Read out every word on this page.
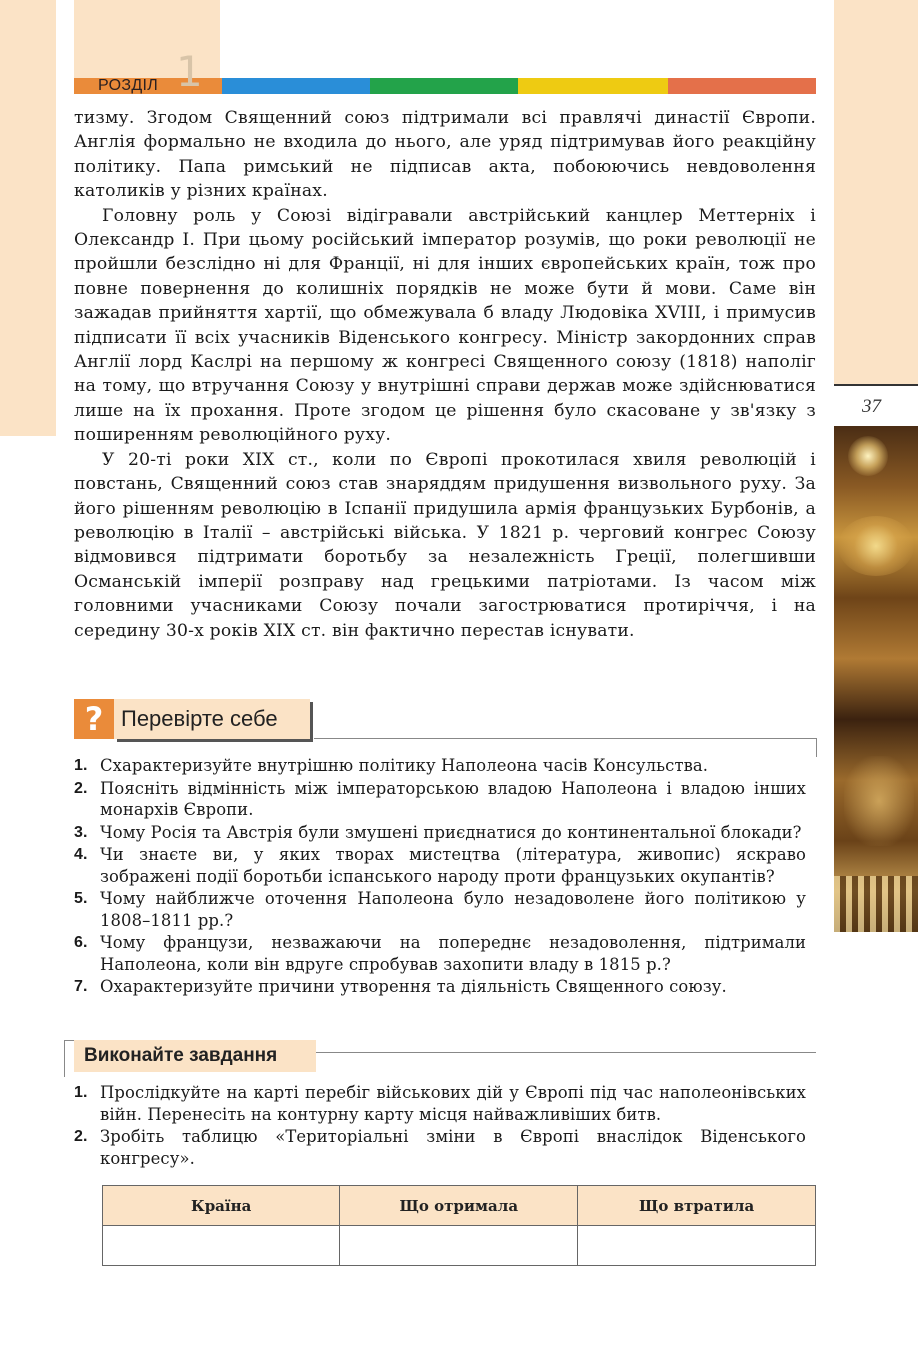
1
РОЗДІЛ
37

тизму. Згодом Священний союз підтримали всі правлячі династії Європи. Англія формально не входила до нього, але уряд підтримував його реакційну політику. Папа римський не підписав акта, побоюючись невдоволення католиків у різних країнах.

Головну роль у Союзі відігравали австрійський канцлер Меттерніх і Олександр I. При цьому російський імператор розумів, що роки революції не пройшли безслідно ні для Франції, ні для інших європейських країн, тож про повне повернення до колишніх порядків не може бути й мови. Саме він зажадав прийняття хартії, що обмежувала б владу Людовіка XVIII, і примусив підписати її всіх учасників Віденського конгресу. Міністр закордонних справ Англії лорд Каслрі на першому ж конгресі Священного союзу (1818) наполіг на тому, що втручання Союзу у внутрішні справи держав може здійснюватися лише на їх прохання. Проте згодом це рішення було скасоване у зв'язку з поширенням революційного руху.

У 20-ті роки XIX ст., коли по Європі прокотилася хвиля революцій і повстань, Священний союз став знаряддям придушення визвольного руху. За його рішенням революцію в Іспанії придушила армія французьких Бурбонів, а революцію в Італії – австрійські війська. У 1821 р. черговий конгрес Союзу відмовився підтримати боротьбу за незалежність Греції, полегшивши Османській імперії розправу над грецькими патріотами. Із часом між головними учасниками Союзу почали загострюватися протиріччя, і на середину 30-х років XIX ст. він фактично перестав існувати.

? Перевірте себе
1. Схарактеризуйте внутрішню політику Наполеона часів Консульства.
2. Поясніть відмінність між імператорською владою Наполеона і владою інших монархів Європи.
3. Чому Росія та Австрія були змушені приєднатися до континентальної блокади?
4. Чи знаєте ви, у яких творах мистецтва (література, живопис) яскраво зображені події боротьби іспанського народу проти французьких окупантів?
5. Чому найближче оточення Наполеона було незадоволене його політикою у 1808–1811 рр.?
6. Чому французи, незважаючи на попереднє незадоволення, підтримали Наполеона, коли він вдруге спробував захопити владу в 1815 р.?
7. Охарактеризуйте причини утворення та діяльність Священного союзу.
Виконайте завдання
1. Прослідкуйте на карті перебіг військових дій у Європі під час наполеонівських війн. Перенесіть на контурну карту місця найважливіших битв.
2. Зробіть таблицю «Територіальні зміни в Європі внаслідок Віденського конгресу».
Країна	Що отримала	Що втратила
